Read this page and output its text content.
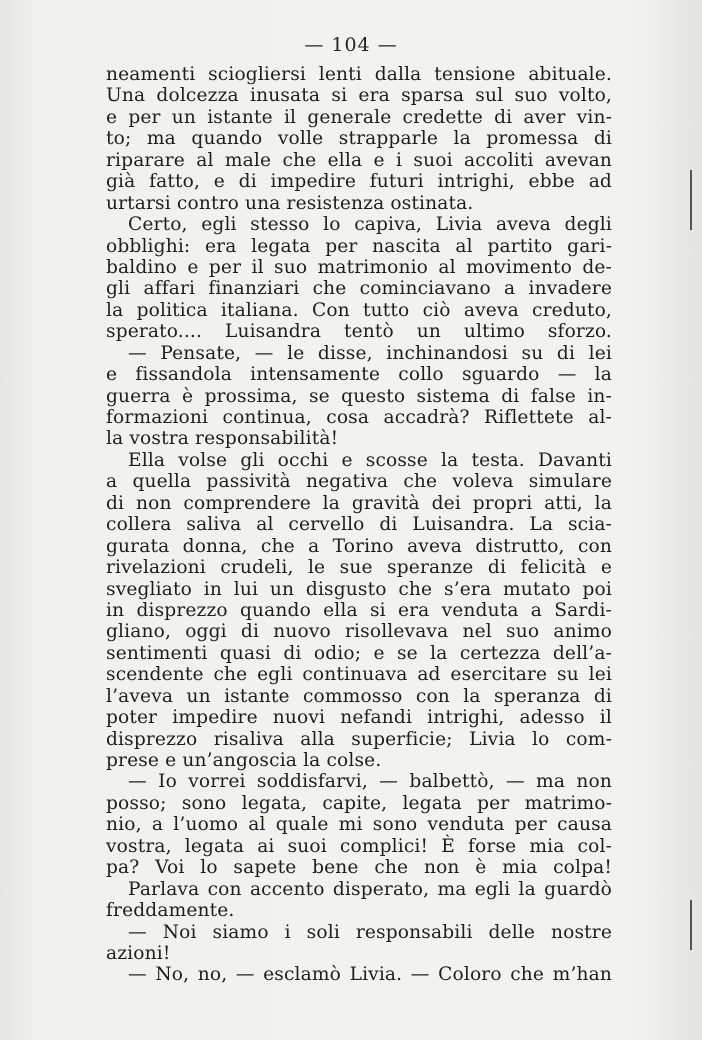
— 104 —
neamenti sciogliersi lenti dalla tensione abituale.
Una dolcezza inusata si era sparsa sul suo volto,
e per un istante il generale credette di aver vin-
to; ma quando volle strapparle la promessa di
riparare al male che ella e i suoi accoliti avevan
già fatto, e di impedire futuri intrighi, ebbe ad
urtarsi contro una resistenza ostinata.
Certo, egli stesso lo capiva, Livia aveva degli
obblighi: era legata per nascita al partito gari-
baldino e per il suo matrimonio al movimento de-
gli affari finanziari che cominciavano a invadere
la politica italiana. Con tutto ciò aveva creduto,
sperato.... Luisandra tentò un ultimo sforzo.
— Pensate, — le disse, inchinandosi su di lei
e fissandola intensamente collo sguardo — la
guerra è prossima, se questo sistema di false in-
formazioni continua, cosa accadrà? Riflettete al-
la vostra responsabilità!
Ella volse gli occhi e scosse la testa. Davanti
a quella passività negativa che voleva simulare
di non comprendere la gravità dei propri atti, la
collera saliva al cervello di Luisandra. La scia-
gurata donna, che a Torino aveva distrutto, con
rivelazioni crudeli, le sue speranze di felicità e
svegliato in lui un disgusto che s’era mutato poi
in disprezzo quando ella si era venduta a Sardi-
gliano, oggi di nuovo risollevava nel suo animo
sentimenti quasi di odio; e se la certezza dell’a-
scendente che egli continuava ad esercitare su lei
l’aveva un istante commosso con la speranza di
poter impedire nuovi nefandi intrighi, adesso il
disprezzo risaliva alla superficie; Livia lo com-
prese e un’angoscia la colse.
— Io vorrei soddisfarvi, — balbettò, — ma non
posso; sono legata, capite, legata per matrimo-
nio, a l’uomo al quale mi sono venduta per causa
vostra, legata ai suoi complici! È forse mia col-
pa? Voi lo sapete bene che non è mia colpa!
Parlava con accento disperato, ma egli la guardò
freddamente.
— Noi siamo i soli responsabili delle nostre
azioni!
— No, no, — esclamò Livia. — Coloro che m’han
